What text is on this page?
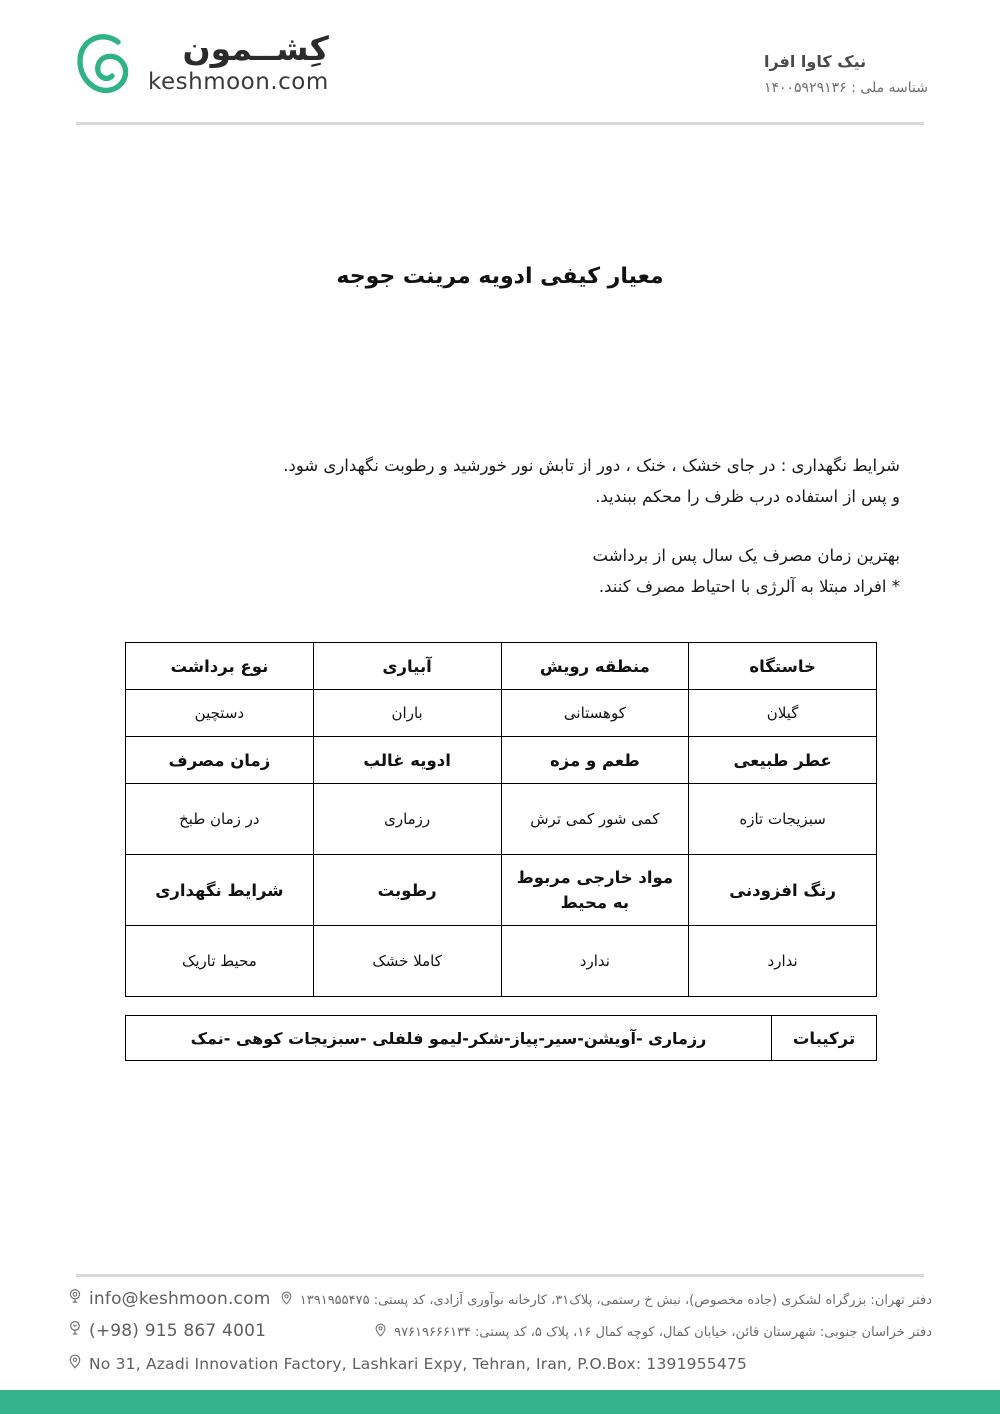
کِشــمون
keshmoon.com
نیک کاوا افرا
شناسه ملی : ۱۴۰۰۵۹۲۹۱۳۶
معیار کیفی ادویه مرینت جوجه
شرایط نگهداری : در جای خشک ، خنک ، دور از تابش نور خورشید و رطوبت نگهداری شود.
و پس از استفاده درب ظرف را محکم ببندید.
بهترین زمان مصرف یک سال پس از برداشت
* افراد مبتلا به آلرژی با احتیاط مصرف کنند.
خاستگاه	منطقه رویش	آبیاری	نوع برداشت
گیلان	کوهستانی	باران	دستچین
عطر طبیعی	طعم و مزه	ادویه غالب	زمان مصرف
سبزیجات تازه	کمی شور کمی ترش	رزماری	در زمان طبخ
رنگ افزودنی	مواد خارجی مربوط به محیط	رطوبت	شرایط نگهداری
ندارد	ندارد	کاملا خشک	محیط تاریک
ترکیبات	رزماری -آویشن-سیر-پیاز-شکر-لیمو فلفلی -سبزیجات کوهی -نمک
info@keshmoon.com
(+98) 915 867 4001
No 31, Azadi Innovation Factory, Lashkari Expy, Tehran, Iran, P.O.Box: 1391955475
دفتر تهران: بزرگراه لشکری (جاده مخصوص)، نبش خ رستمی، پلاک۳۱، کارخانه نوآوری آزادی، کد پستی: ۱۳۹۱۹۵۵۴۷۵
دفتر خراسان جنوبی: شهرستان قائن، خیابان کمال، کوچه کمال ۱۶، پلاک ۵، کد پستی: ۹۷۶۱۹۶۶۶۱۳۴
